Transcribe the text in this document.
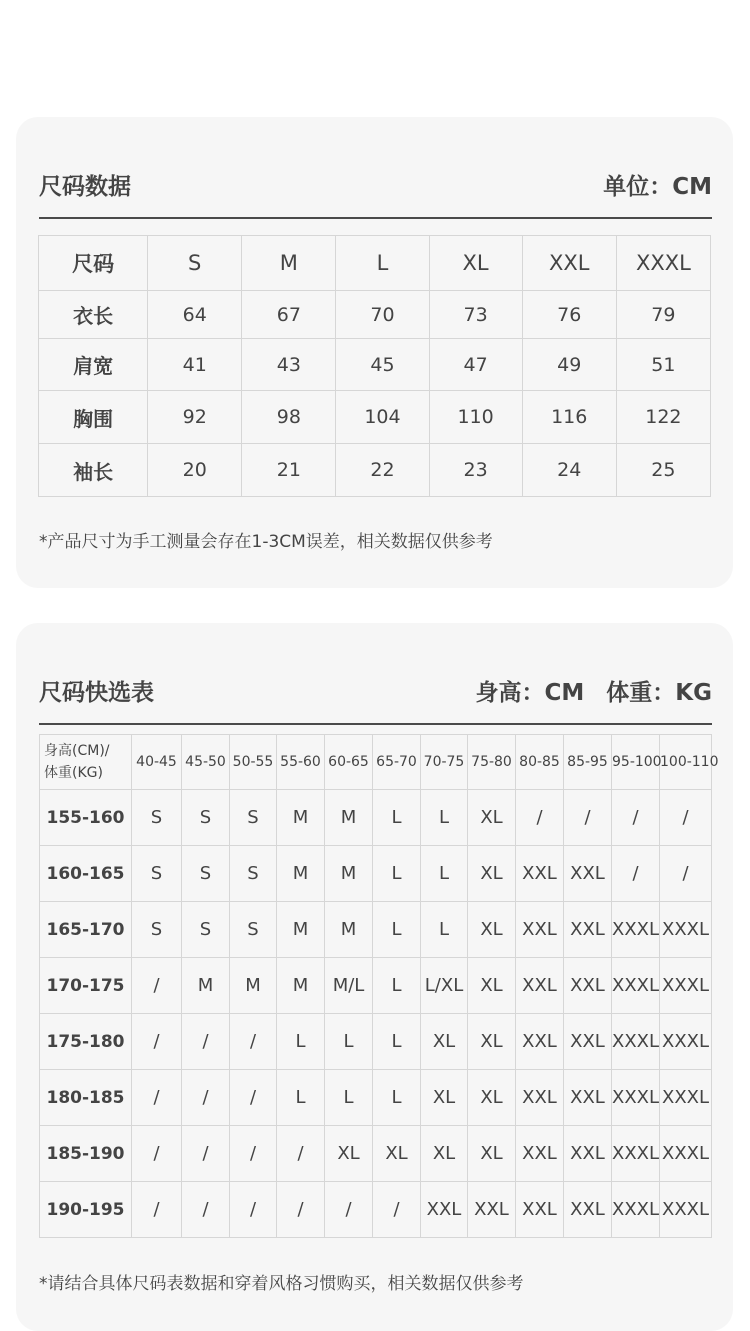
尺码数据	单位：CM
尺码	S	M	L	XL	XXL	XXXL
衣长	64	67	70	73	76	79
肩宽	41	43	45	47	49	51
胸围	92	98	104	110	116	122
袖长	20	21	22	23	24	25
*产品尺寸为手工测量会存在1-3CM误差，相关数据仅供参考
尺码快选表	身高：CM 体重：KG
身高(CM)/
体重(KG)	40-45	45-50	50-55	55-60	60-65	65-70	70-75	75-80	80-85	85-95	95-100	100-110
155-160	S	S	S	M	M	L	L	XL	/	/	/	/
160-165	S	S	S	M	M	L	L	XL	XXL	XXL	/	/
165-170	S	S	S	M	M	L	L	XL	XXL	XXL	XXXL	XXXL
170-175	/	M	M	M	M/L	L	L/XL	XL	XXL	XXL	XXXL	XXXL
175-180	/	/	/	L	L	L	XL	XL	XXL	XXL	XXXL	XXXL
180-185	/	/	/	L	L	L	XL	XL	XXL	XXL	XXXL	XXXL
185-190	/	/	/	/	XL	XL	XL	XL	XXL	XXL	XXXL	XXXL
190-195	/	/	/	/	/	/	XXL	XXL	XXL	XXL	XXXL	XXXL
*请结合具体尺码表数据和穿着风格习惯购买，相关数据仅供参考
